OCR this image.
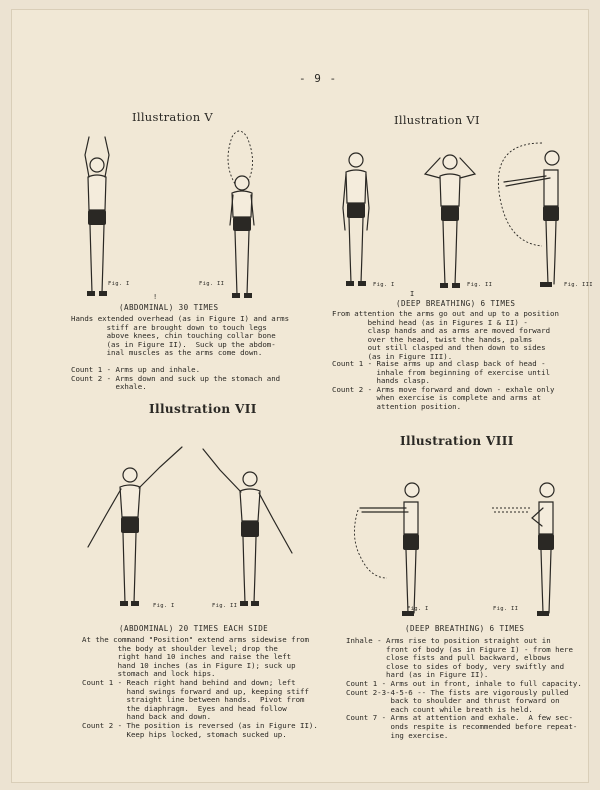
- 9 -
Illustration V
Fig. I	Fig. II
!
(ABDOMINAL) 30 TIMES
Hands extended overhead (as in Figure I) and arms
stiff are brought down to touch legs
above knees, chin touching collar bone
(as in Figure II).  Suck up the abdom-
inal muscles as the arms come down.
Count 1 - Arms up and inhale.
Count 2 - Arms down and suck up the stomach and
exhale.
Illustration VI
Fig. I	Fig. II	Fig. III
I
(DEEP BREATHING) 6 TIMES
From attention the arms go out and up to a position
behind head (as in Figures I & II) -
clasp hands and as arms are moved forward
over the head, twist the hands, palms
out still clasped and then down to sides
(as in Figure III).
Count 1 - Raise arms up and clasp back of head -
inhale from beginning of exercise until
hands clasp.
Count 2 - Arms move forward and down - exhale only
when exercise is complete and arms at
attention position.
Illustration VII
Fig. I	Fig. II
(ABDOMINAL) 20 TIMES EACH SIDE
At the command "Position" extend arms sidewise from
the body at shoulder level; drop the
right hand 10 inches and raise the left
hand 10 inches (as in Figure I); suck up
stomach and lock hips.
Count 1 - Reach right hand behind and down; left
hand swings forward and up, keeping stiff
straight line between hands.  Pivot from
the diaphragm.  Eyes and head follow
hand back and down.
Count 2 - The position is reversed (as in Figure II).
Keep hips locked, stomach sucked up.
Illustration VIII
Fig. I	Fig. II
(DEEP BREATHING) 6 TIMES
Inhale - Arms rise to position straight out in
front of body (as in Figure I) - from here
close fists and pull backward, elbows
close to sides of body, very swiftly and
hard (as in Figure II).
Count 1 - Arms out in front, inhale to full capacity.
Count 2-3-4-5-6 -- The fists are vigorously pulled
back to shoulder and thrust forward on
each count while breath is held.
Count 7 - Arms at attention and exhale.  A few sec-
onds respite is recommended before repeat-
ing exercise.
